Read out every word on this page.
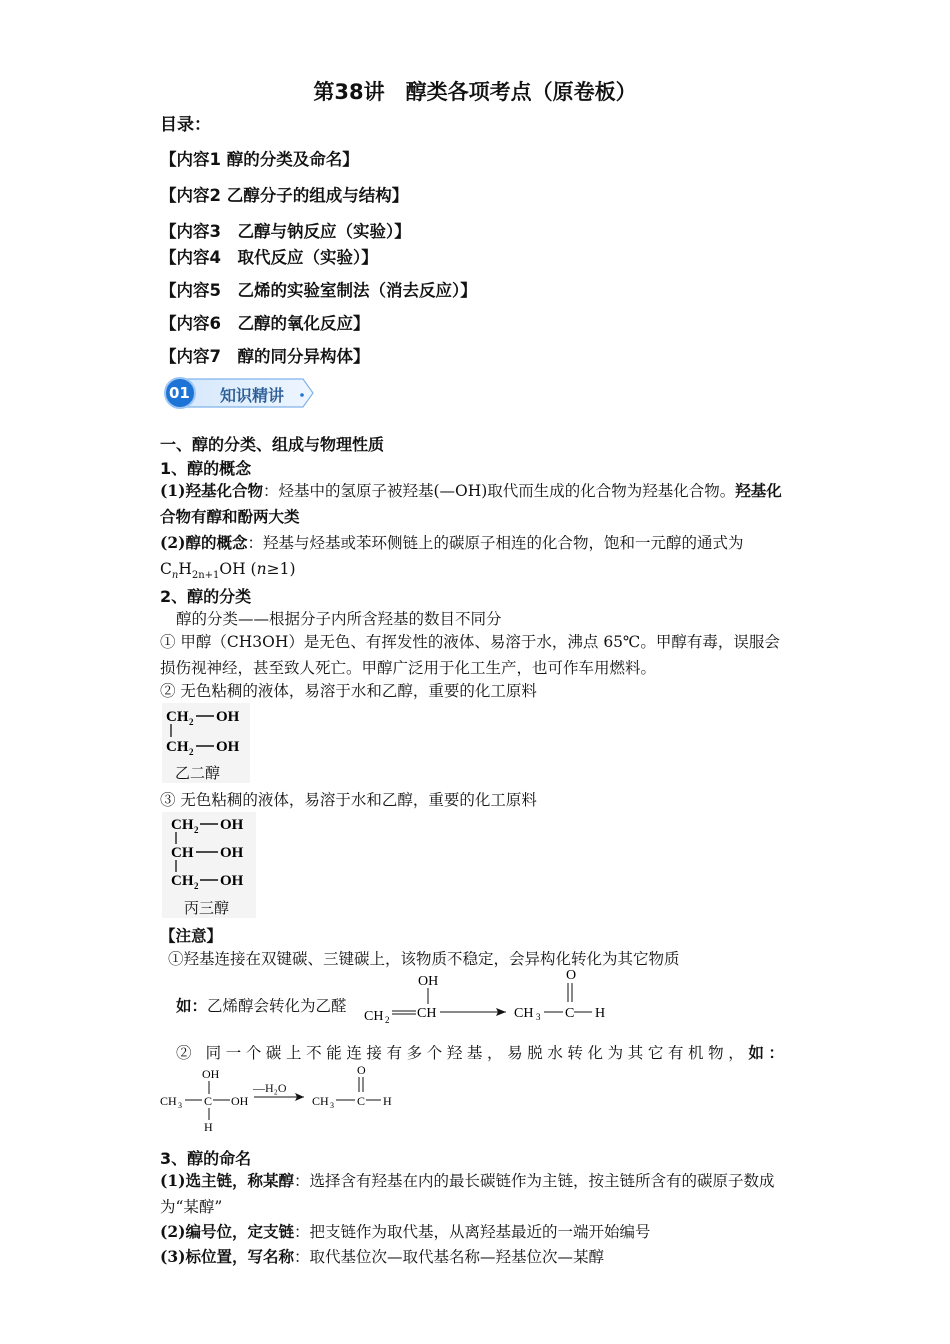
第38讲　醇类各项考点（原卷板）
目录：
【内容1 醇的分类及命名】
【内容2 乙醇分子的组成与结构】
【内容3　乙醇与钠反应（实验）】
【内容4　取代反应（实验）】
【内容5　乙烯的实验室制法（消去反应）】
【内容6　乙醇的氧化反应】
【内容7　醇的同分异构体】
01 知识精讲
一、醇的分类、组成与物理性质
1、醇的概念
(1)羟基化合物：烃基中的氢原子被羟基(—OH)取代而生成的化合物为羟基化合物。羟基化合物有醇和酚两大类
(2)醇的概念：羟基与烃基或苯环侧链上的碳原子相连的化合物，饱和一元醇的通式为
$C_nH_{2n+1}OH$ (n≥1)
2、醇的分类
醇的分类——根据分子内所含羟基的数目不同分
① 甲醇（CH3OH）是无色、有挥发性的液体、易溶于水，沸点 65℃。甲醇有毒，误服会损伤视神经，甚至致人死亡。甲醇广泛用于化工生产，也可作车用燃料。
② 无色粘稠的液体，易溶于水和乙醇，重要的化工原料
CH 2 OH
CH 2 OH
乙二醇
③ 无色粘稠的液体，易溶于水和乙醇，重要的化工原料
CH 2 OH
CH OH
CH 2 OH
丙三醇
【注意】
①羟基连接在双键碳、三键碳上，该物质不稳定，会异构化转化为其它物质
如：乙烯醇会转化为乙醛
OH
CH 2 CH	CH 3 C H
O
② 同一个碳上不能连接有多个羟基，易脱水转化为其它有机物，如：
OH
CH 3 C OH
H
CH 3 C H
O
—H₂O
3、醇的命名
(1)选主链，称某醇：选择含有羟基在内的最长碳链作为主链，按主链所含有的碳原子数成为“某醇”
(2)编号位，定支链：把支链作为取代基，从离羟基最近的一端开始编号
(3)标位置，写名称：取代基位次—取代基名称—羟基位次—某醇
